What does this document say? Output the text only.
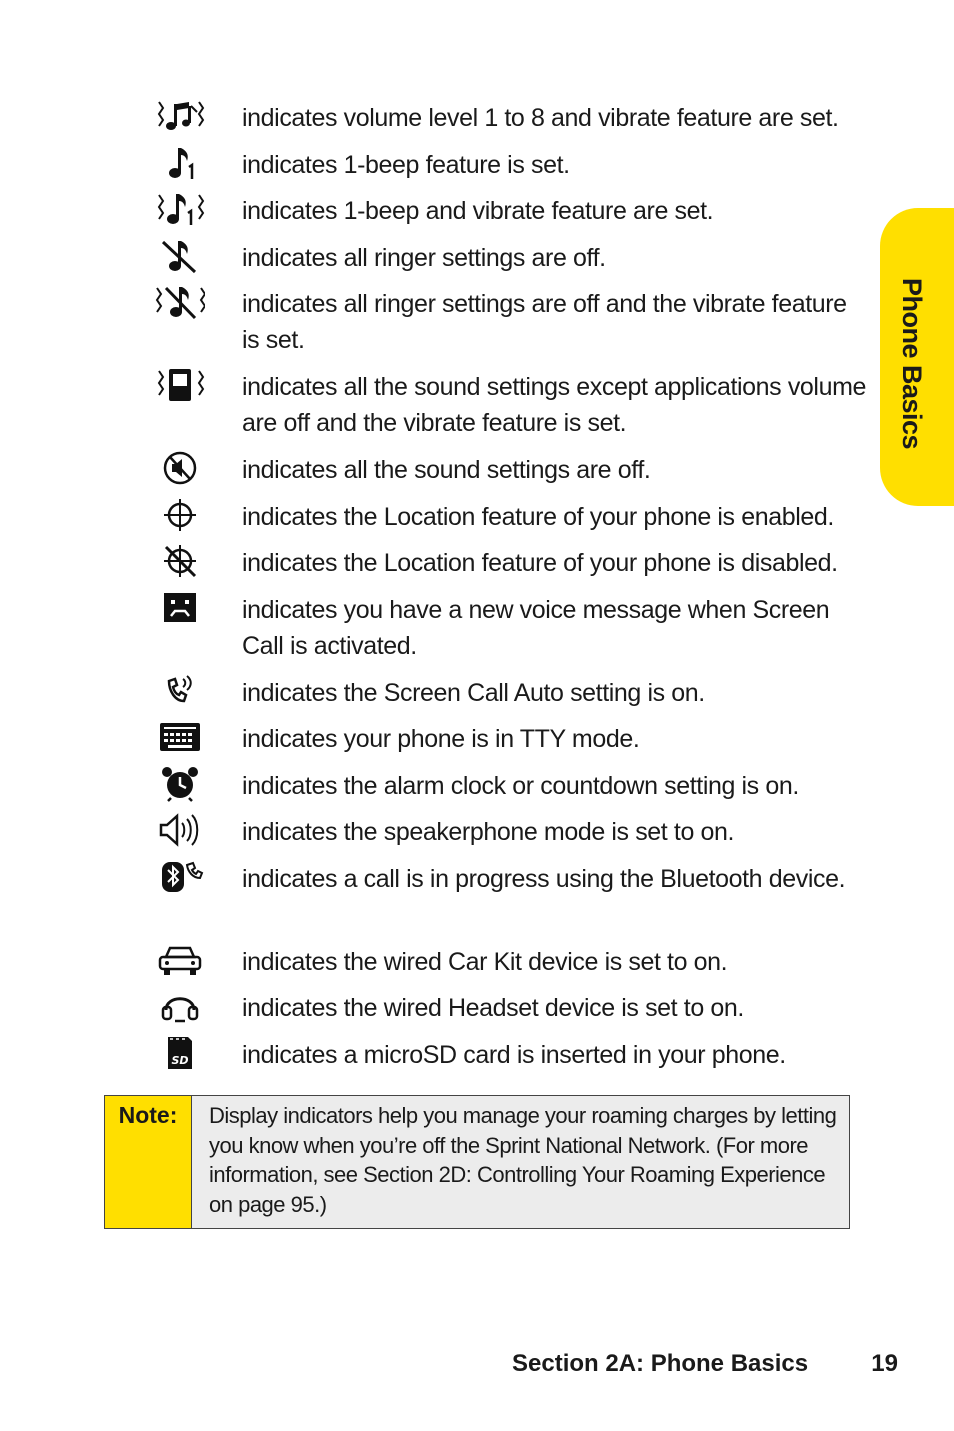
indicates volume level 1 to 8 and vibrate feature are set.
indicates 1-beep feature is set.
indicates 1-beep and vibrate feature are set.
indicates all ringer settings are off.
indicates all ringer settings are off and the vibrate feature is set.
indicates all the sound settings except applications volume are off and the vibrate feature is set.
indicates all the sound settings are off.
indicates the Location feature of your phone is enabled.
indicates the Location feature of your phone is disabled.
indicates you have a new voice message when Screen Call is activated.
indicates the Screen Call Auto setting is on.
indicates your phone is in TTY mode.
indicates the alarm clock or countdown setting is on.
indicates the speakerphone mode is set to on.
indicates a call is in progress using the Bluetooth device.
indicates the wired Car Kit device is set to on.
indicates the wired Headset device is set to on.
SD indicates a microSD card is inserted in your phone.
Phone Basics
Note:	Display indicators help you manage your roaming charges by letting you know when you’re off the Sprint National Network. (For more information, see Section 2D: Controlling Your Roaming Experience on page 95.)
Section 2A: Phone Basics	19
